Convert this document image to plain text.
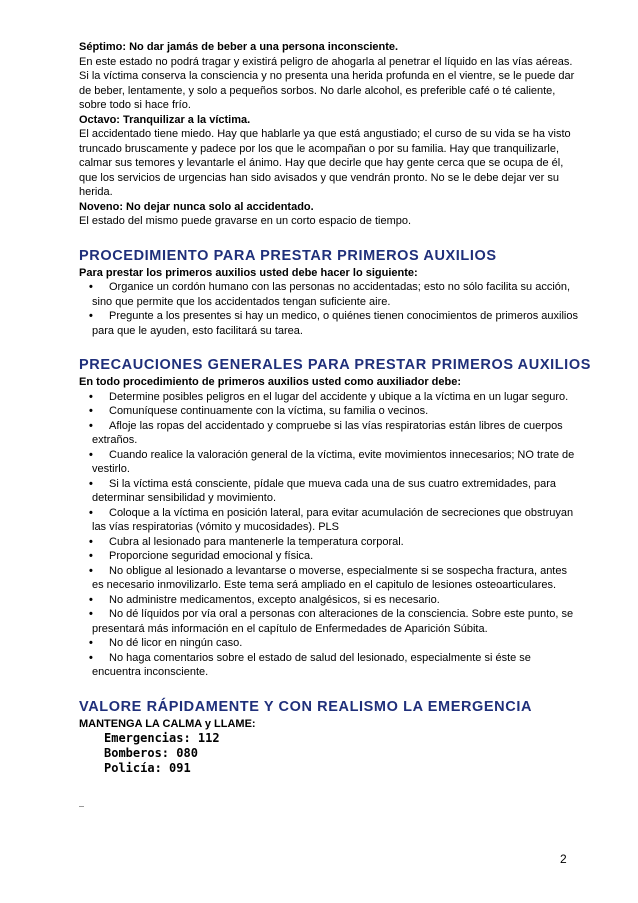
Séptimo: No dar jamás de beber a una persona inconsciente.

En este estado no podrá tragar y existirá peligro de ahogarla al penetrar el líquido en las vías aéreas. Si la víctima conserva la consciencia y no presenta una herida profunda en el vientre, se le puede dar de beber, lentamente, y solo a pequeños sorbos. No darle alcohol, es preferible café o té caliente, sobre todo si hace frío.

Octavo: Tranquilizar a la víctima.

El accidentado tiene miedo. Hay que hablarle ya que está angustiado; el curso de su vida se ha visto truncado bruscamente y padece por los que le acompañan o por su familia. Hay que tranquilizarle, calmar sus temores y levantarle el ánimo. Hay que decirle que hay gente cerca que se ocupa de él, que los servicios de urgencias han sido avisados y que vendrán pronto. No se le debe dejar ver su herida.

Noveno: No dejar nunca solo al accidentado.

El estado del mismo puede gravarse en un corto espacio de tiempo.

PROCEDIMIENTO PARA PRESTAR PRIMEROS AUXILIOS

Para prestar los primeros auxilios usted debe hacer lo siguiente:

• Organice un cordón humano con las personas no accidentadas; esto no sólo facilita su acción, sino que permite que los accidentados tengan suficiente aire.
• Pregunte a los presentes si hay un medico, o quiénes tienen conocimientos de primeros auxilios para que le ayuden, esto facilitará su tarea.
PRECAUCIONES GENERALES PARA PRESTAR PRIMEROS AUXILIOS

En todo procedimiento de primeros auxilios usted como auxiliador debe:

• Determine posibles peligros en el lugar del accidente y ubique a la víctima en un lugar seguro.
• Comuníquese continuamente con la víctima, su familia o vecinos.
• Afloje las ropas del accidentado y compruebe si las vías respiratorias están libres de cuerpos extraños.
• Cuando realice la valoración general de la víctima, evite movimientos innecesarios; NO trate de vestirlo.
• Si la víctima está consciente, pídale que mueva cada una de sus cuatro extremidades, para determinar sensibilidad y movimiento.
• Coloque a la víctima en posición lateral, para evitar acumulación de secreciones que obstruyan las vías respiratorias (vómito y mucosidades). PLS
• Cubra al lesionado para mantenerle la temperatura corporal.
• Proporcione seguridad emocional y física.
• No obligue al lesionado a levantarse o moverse, especialmente si se sospecha fractura, antes es necesario inmovilizarlo. Este tema será ampliado en el capitulo de lesiones osteoarticulares.
• No administre medicamentos, excepto analgésicos, si es necesario.
• No dé líquidos por vía oral a personas con alteraciones de la consciencia. Sobre este punto, se presentará más información en el capítulo de Enfermedades de Aparición Súbita.
• No dé licor en ningún caso.
• No haga comentarios sobre el estado de salud del lesionado, especialmente si éste se encuentra inconsciente.
VALORE RÁPIDAMENTE Y CON REALISMO LA EMERGENCIA

MANTENGA LA CALMA y LLAME:

Emergencias: 112
Bomberos: 080
Policía: 091
2
